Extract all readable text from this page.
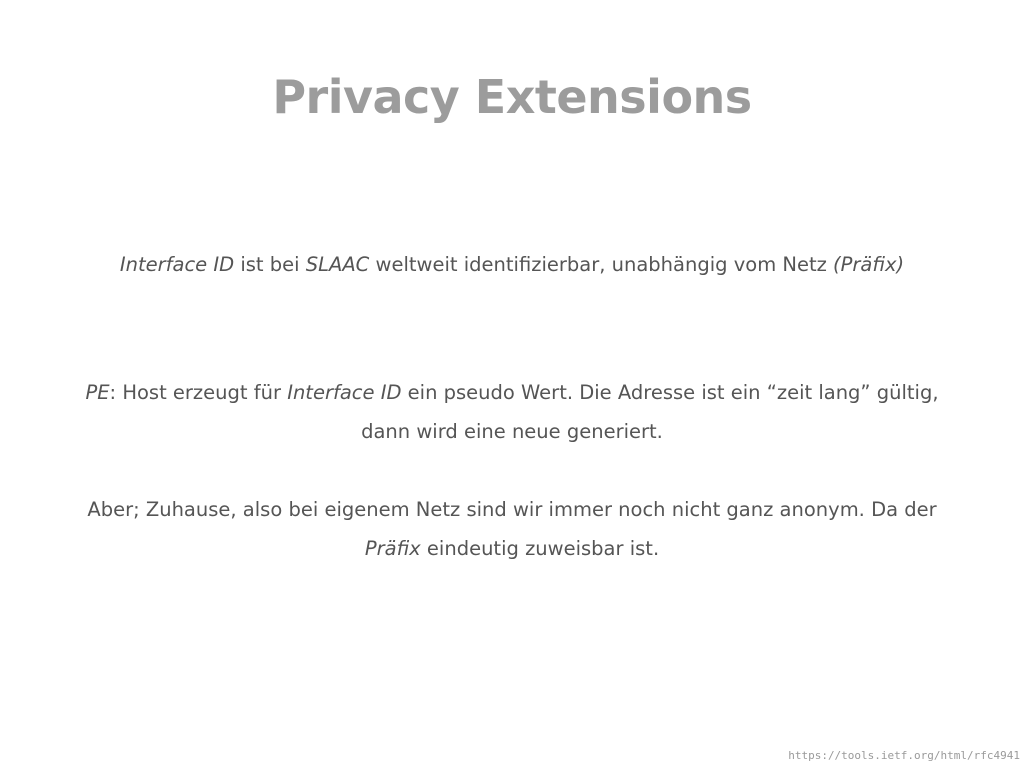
Privacy Extensions

Interface ID ist bei SLAAC weltweit identifizierbar, unabhängig vom Netz (Präfix)

PE: Host erzeugt für Interface ID ein pseudo Wert. Die Adresse ist ein “zeit lang” gültig, dann wird eine neue generiert.

Aber; Zuhause, also bei eigenem Netz sind wir immer noch nicht ganz anonym. Da der Präfix eindeutig zuweisbar ist.

https://tools.ietf.org/html/rfc4941
